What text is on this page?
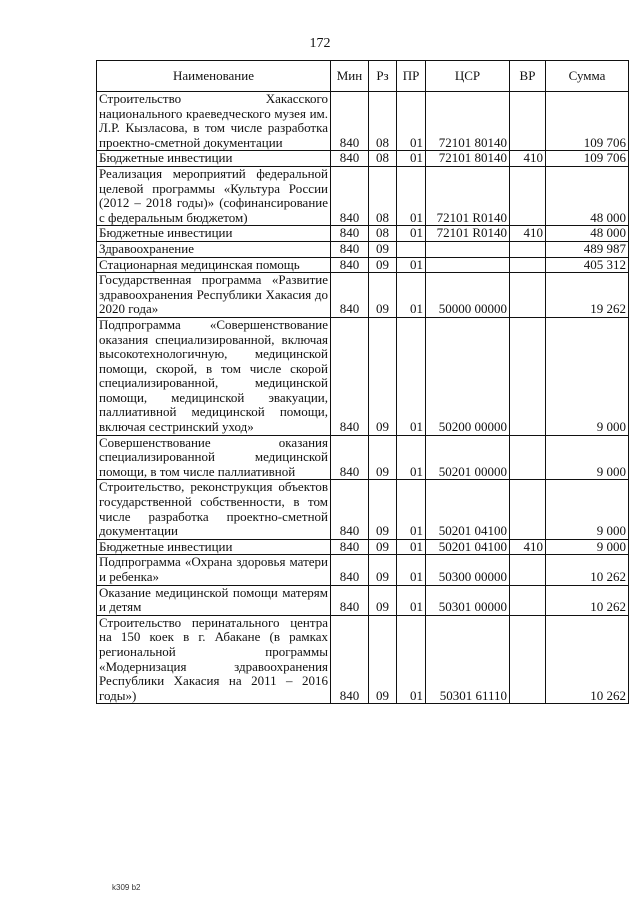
172
Наименование	Мин	Рз	ПР	ЦСР	ВР	Сумма
Строительство Хакасского национального краеведческого музея им. Л.Р. Кызласова, в том числе разработка проектно-сметной документации	840	08	01	72101 80140		109 706
Бюджетные инвестиции	840	08	01	72101 80140	410	109 706
Реализация мероприятий федеральной целевой программы «Культура России (2012 – 2018 годы)» (софинансирование с федеральным бюджетом)	840	08	01	72101 R0140		48 000
Бюджетные инвестиции	840	08	01	72101 R0140	410	48 000
Здравоохранение	840	09				489 987
Стационарная медицинская помощь	840	09	01			405 312
Государственная программа «Развитие здравоохранения Республики Хакасия до 2020 года»	840	09	01	50000 00000		19 262
Подпрограмма «Совершенствование оказания специализированной, включая высокотехнологичную, медицинской помощи, скорой, в том числе скорой специализированной, медицинской помощи, медицинской эвакуации, паллиативной медицинской помощи, включая сестринский уход»	840	09	01	50200 00000		9 000
Совершенствование оказания специализированной медицинской помощи, в том числе паллиативной	840	09	01	50201 00000		9 000
Строительство, реконструкция объектов государственной собственности, в том числе разработка проектно-сметной документации	840	09	01	50201 04100		9 000
Бюджетные инвестиции	840	09	01	50201 04100	410	9 000
Подпрограмма «Охрана здоровья матери и ребенка»	840	09	01	50300 00000		10 262
Оказание медицинской помощи матерям и детям	840	09	01	50301 00000		10 262
Строительство перинатального центра на 150 коек в г. Абакане (в рамках региональной программы «Модернизация здравоохранения Республики Хакасия на 2011 – 2016 годы»)	840	09	01	50301 61110		10 262
k309 b2
